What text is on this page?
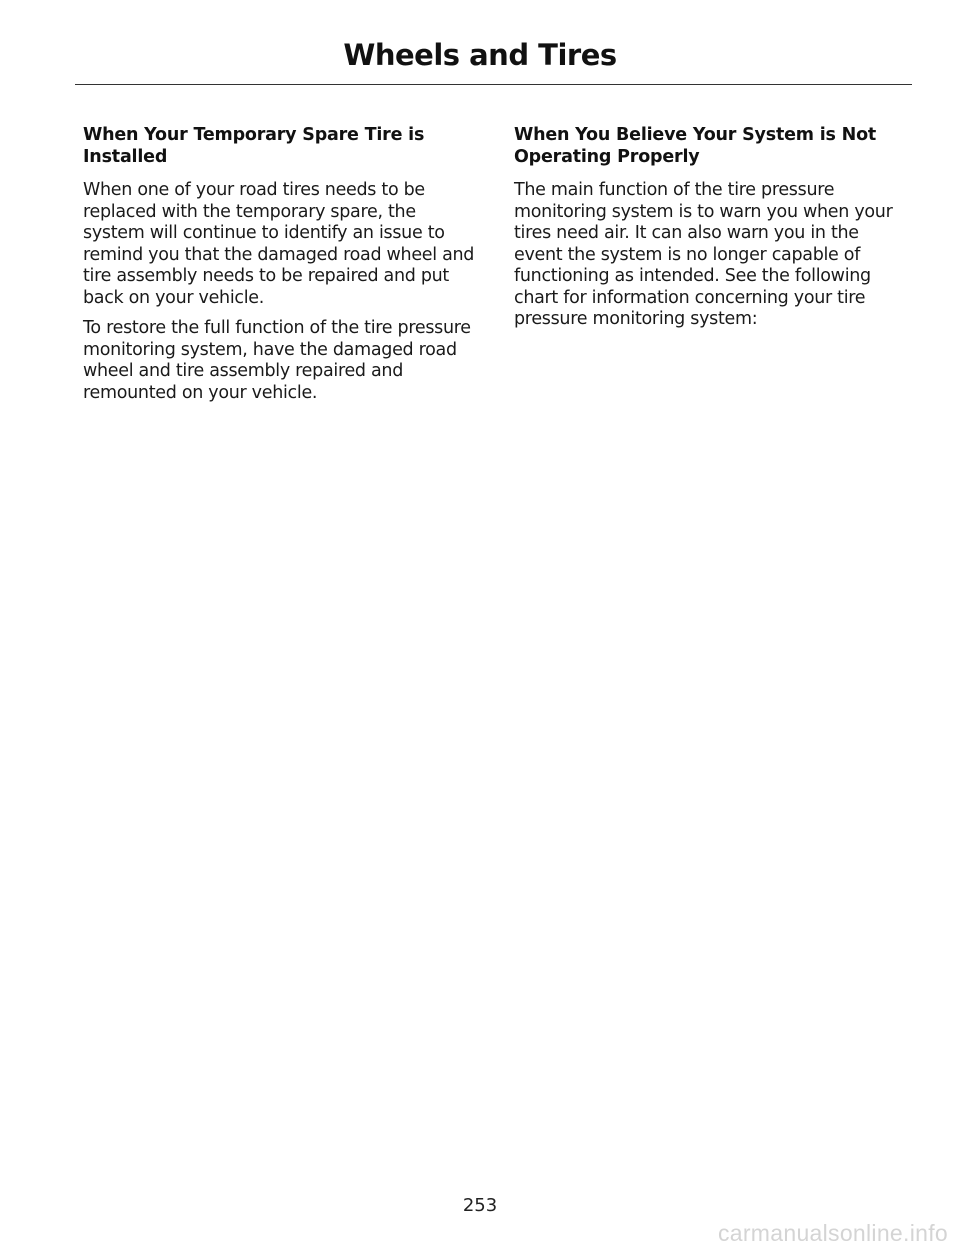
Wheels and Tires
When Your Temporary Spare Tire is Installed

When one of your road tires needs to be replaced with the temporary spare, the system will continue to identify an issue to remind you that the damaged road wheel and tire assembly needs to be repaired and put back on your vehicle.

To restore the full function of the tire pressure monitoring system, have the damaged road wheel and tire assembly repaired and remounted on your vehicle.

When You Believe Your System is Not Operating Properly

The main function of the tire pressure monitoring system is to warn you when your tires need air. It can also warn you in the event the system is no longer capable of functioning as intended. See the following chart for information concerning your tire pressure monitoring system:

253
carmanualsonline.info
